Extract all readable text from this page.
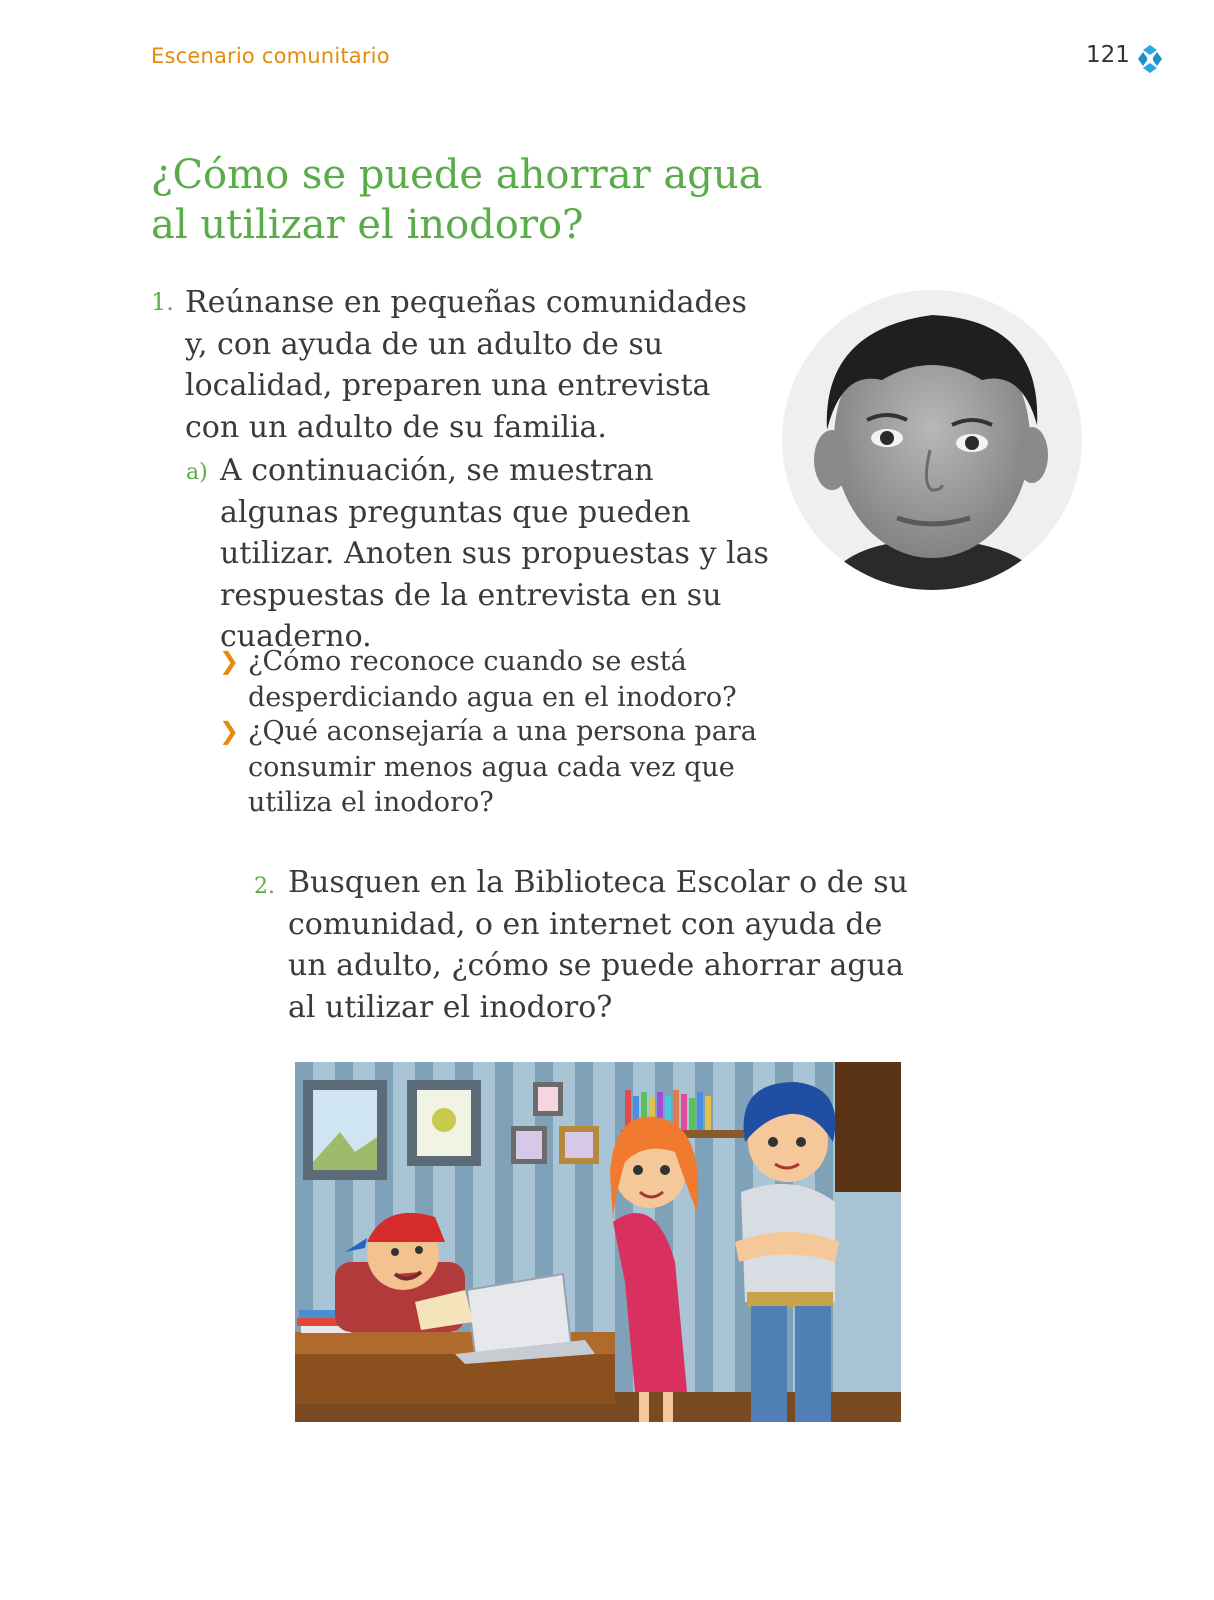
Escenario comunitario	121
¿Cómo se puede ahorrar agua
al utilizar el inodoro?
1. Reúnanse en pequeñas comunidades y, con ayuda de un adulto de su localidad, preparen una entrevista con un adulto de su familia.
a) A continuación, se muestran algunas preguntas que pueden utilizar. Anoten sus propuestas y las respuestas de la entrevista en su cuaderno.
❯ ¿Cómo reconoce cuando se está desperdiciando agua en el inodoro?
❯ ¿Qué aconsejaría a una persona para consumir menos agua cada vez que utiliza el inodoro?
2. Busquen en la Biblioteca Escolar o de su comunidad, o en internet con ayuda de un adulto, ¿cómo se puede ahorrar agua al utilizar el inodoro?
